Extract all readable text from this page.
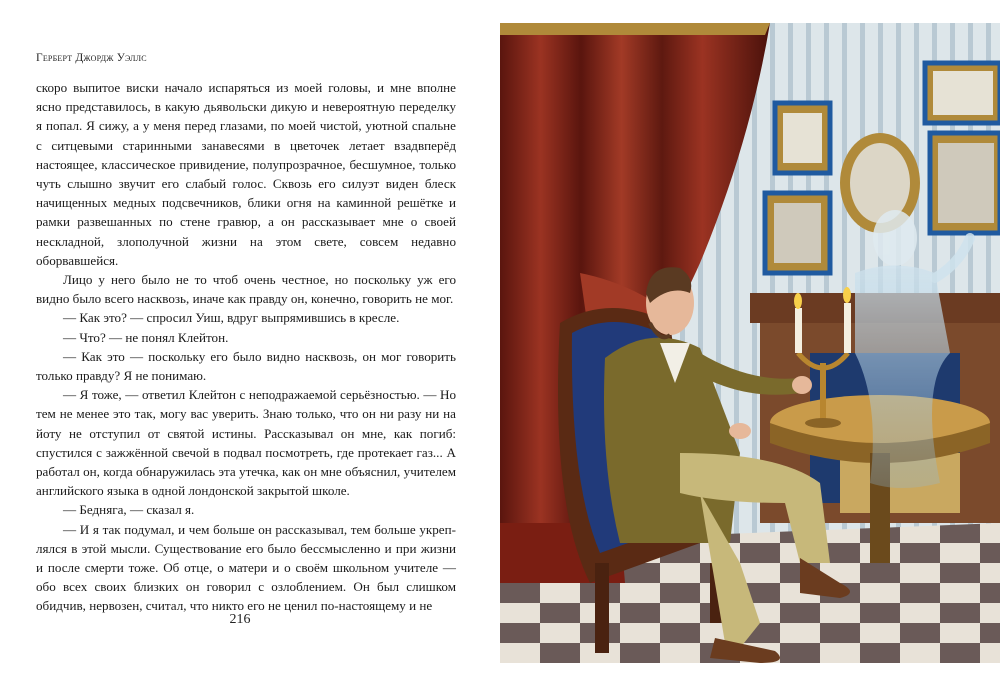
Герберт Джордж Уэллс

скоро выпитое виски начало испаряться из моей головы, и мне вполне ясно представилось, в какую дьявольски дикую и невероятную переделку я попал. Я сижу, а у меня перед глазами, по моей чистой, уютной спальне с ситцевыми старинными занавесями в цветочек летает взадвперёд настоящее, классическое привидение, полупрозрачное, бесшумное, только чуть слышно звучит его слабый голос. Сквозь его силуэт виден блеск начищенных медных подсвечников, блики огня на каминной решётке и рамки развешанных по стене гравюр, а он рассказывает мне о своей нескладной, злополучной жизни на этом свете, совсем недавно оборвавшейся.

Лицо у него было не то чтоб очень честное, но поскольку уж его видно было всего насквозь, иначе как правду он, конечно, говорить не мог.

— Как это? — спросил Уиш, вдруг выпрямившись в кресле.

— Что? — не понял Клейтон.

— Как это — поскольку его было видно насквозь, он мог говорить только правду? Я не понимаю.

— Я тоже, — ответил Клейтон с неподражаемой серьёзностью. — Но тем не менее это так, могу вас уверить. Знаю только, что он ни разу ни на йоту не отступил от святой истины. Рассказывал он мне, как погиб: спустился с зажжённой свечой в подвал посмотреть, где протекает газ... А работал он, когда обнаружилась эта утечка, как он мне объяснил, учителем английского языка в одной лондонской закрытой школе.

— Бедняга, — сказал я.

— И я так подумал, и чем больше он рассказывал, тем больше укреплялся в этой мысли. Существование его было бессмысленно и при жизни и после смерти тоже. Об отце, о матери и о своём школьном учителе — обо всех своих близких он говорил с озлоблением. Он был слишком обидчив, нервозен, считал, что никто его не ценил по-настоящему и не

216
